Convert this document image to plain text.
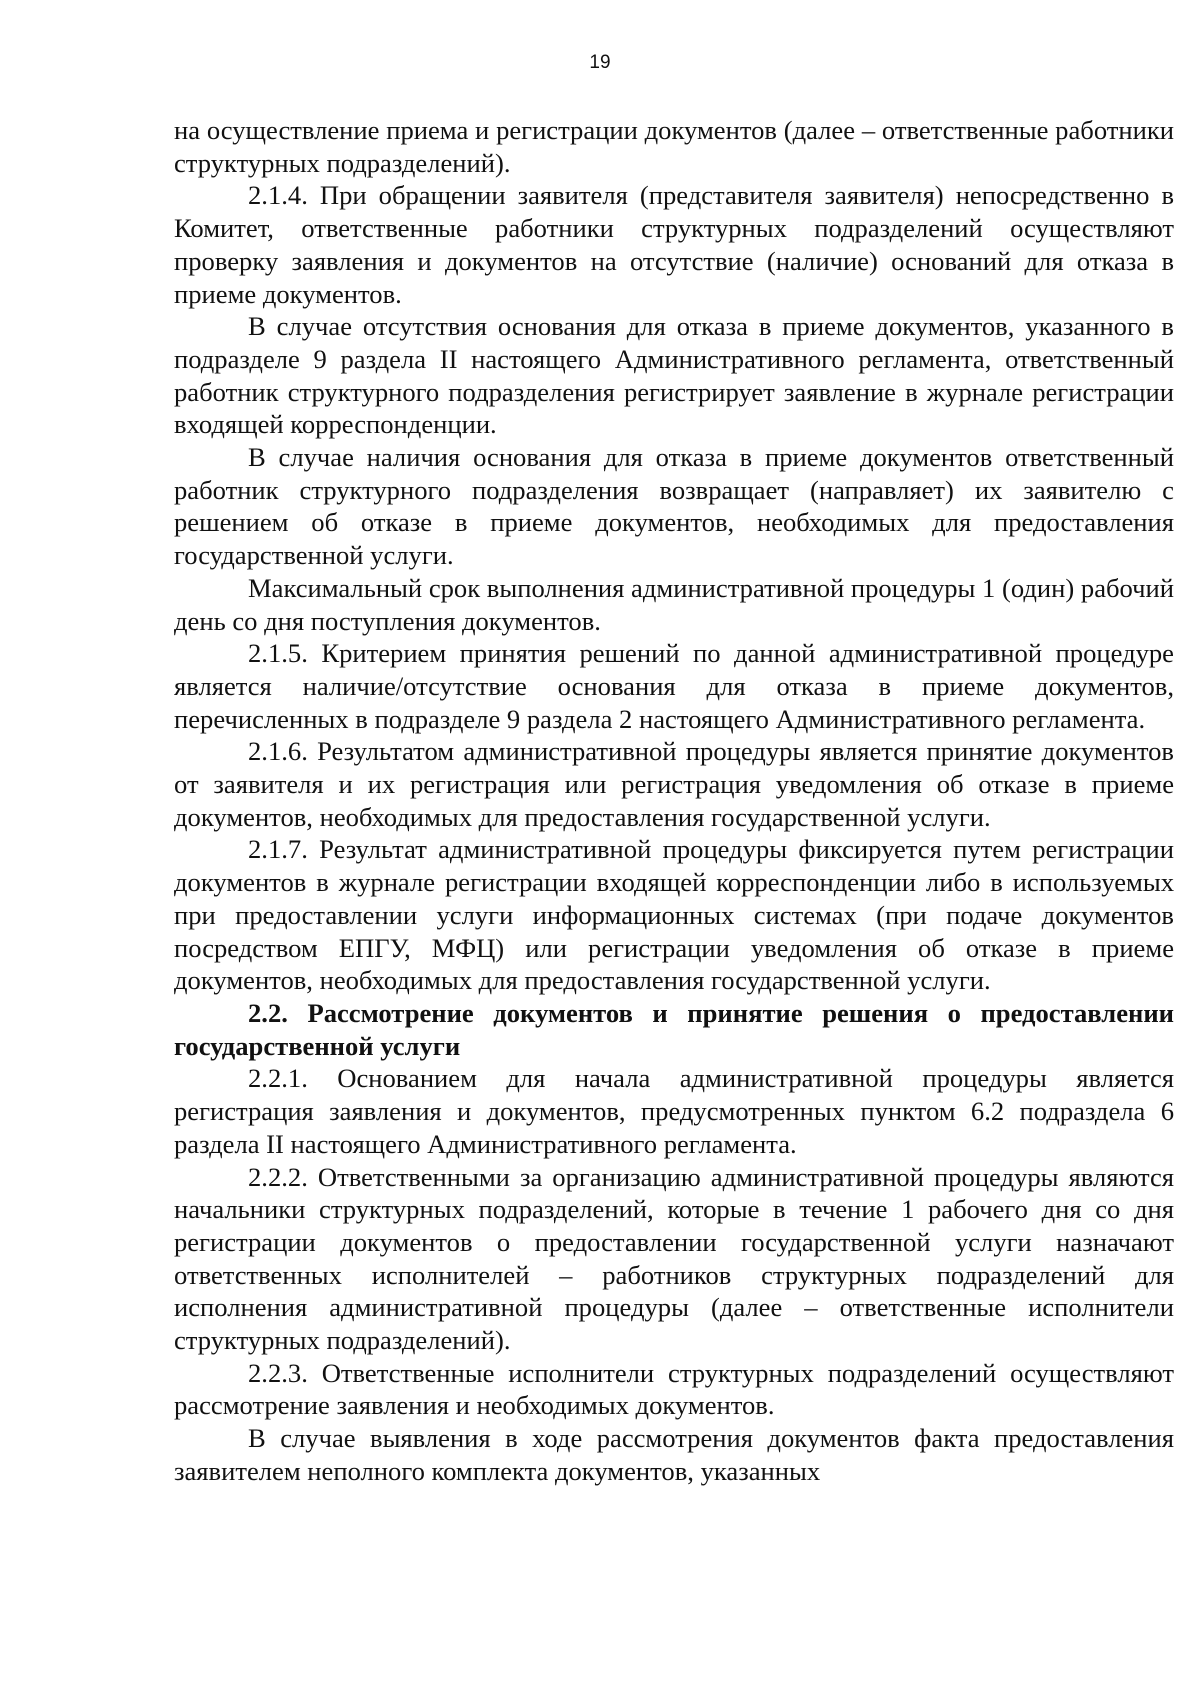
19

на осуществление приема и регистрации документов (далее – ответственные работники структурных подразделений).

2.1.4. При обращении заявителя (представителя заявителя) непосредственно в Комитет, ответственные работники структурных подразделений осуществляют проверку заявления и документов на отсутствие (наличие) оснований для отказа в приеме документов.

В случае отсутствия основания для отказа в приеме документов, указанного в подразделе 9 раздела II настоящего Административного регламента, ответственный работник структурного подразделения регистрирует заявление в журнале регистрации входящей корреспонденции.

В случае наличия основания для отказа в приеме документов ответственный работник структурного подразделения возвращает (направляет) их заявителю с решением об отказе в приеме документов, необходимых для предоставления государственной услуги.

Максимальный срок выполнения административной процедуры 1 (один) рабочий день со дня поступления документов.

2.1.5. Критерием принятия решений по данной административной процедуре является наличие/отсутствие основания для отказа в приеме документов, перечисленных в подразделе 9 раздела 2 настоящего Административного регламента.

2.1.6. Результатом административной процедуры является принятие документов от заявителя и их регистрация или регистрация уведомления об отказе в приеме документов, необходимых для предоставления государственной услуги.

2.1.7. Результат административной процедуры фиксируется путем регистрации документов в журнале регистрации входящей корреспонденции либо в используемых при предоставлении услуги информационных системах (при подаче документов посредством ЕПГУ, МФЦ) или регистрации уведомления об отказе в приеме документов, необходимых для предоставления государственной услуги.

2.2. Рассмотрение документов и принятие решения о предоставлении государственной услуги

2.2.1. Основанием для начала административной процедуры является регистрация заявления и документов, предусмотренных пунктом 6.2 подраздела 6 раздела II настоящего Административного регламента.

2.2.2. Ответственными за организацию административной процедуры являются начальники структурных подразделений, которые в течение 1 рабочего дня со дня регистрации документов о предоставлении государственной услуги назначают ответственных исполнителей – работников структурных подразделений для исполнения административной процедуры (далее – ответственные исполнители структурных подразделений).

2.2.3. Ответственные исполнители структурных подразделений осуществляют рассмотрение заявления и необходимых документов.

В случае выявления в ходе рассмотрения документов факта предоставления заявителем неполного комплекта документов, указанных
